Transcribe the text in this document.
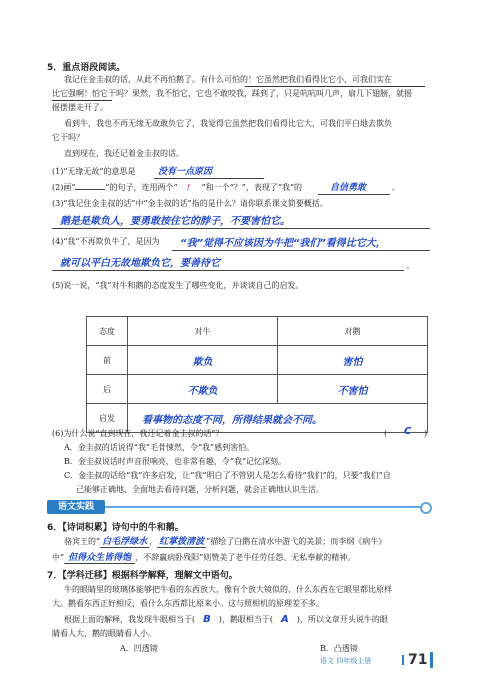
5．重点语段阅读。
我记住金圭叔的话，从此不再怕鹅了。有什么可怕的！它虽然把我们看得比它小，可我们实在
比它强啊！怕它干吗？果然，我不怕它，它也不敢咬我，踩到了，只是吭吭叫几声，扇几下翅膀，就摇
摇摆摆走开了。
看到牛，我也不再无缘无故敢负它了，我觉得它虽然把我们看得比它大，可我们平白地去欺负
它干吗？
直到现在，我还记着金圭叔的话。
(1)“无缘无故”的意思是 没有一点原因
(2)画“	”的句子，连用两个“ ！ ”和一个“？”，表现了“我”的	自信勇敢	。
(3)“我记住金圭叔的话”中“金圭叔的话”指的是什么？请你联系课文简要概括。
鹅是是欺负人，要勇敢按住它的脖子，不要害怕它。
(4)“我”不再欺负牛了，是因为 “我”觉得不应该因为牛把“我们”看得比它大，
就可以平白无故地欺负它，要善待它	。
(5)说一说，“我”对牛和鹅的态度发生了哪些变化，并谈谈自己的启发。
态度	对牛	对鹅
前	欺负	害怕
后	不欺负	不害怕
启发	看事物的态度不同，所得结果就会不同。	
(6)为什么说“直到现在，我还记着金圭叔的话”？	( C )
A．金圭叔的话说得“我”毛骨悚然，令“我”感到害怕。
B．金圭叔说话时声音很响亮，也非常有趣，令“我”记忆深刻。
C．金圭叔的话给“我”许多启发，让“我”明白了不管别人是怎么看待“我们”的，只要“我们”自
己能够正确地、全面地去看待问题，分析问题，就会正确地认识生活。
语文实践
6．【诗词积累】诗句中的牛和鹅。
骆宾王的“ 白毛浮绿水 ， 红掌拨清波 ”描绘了白鹅在清水中游弋的美景；而李纲《病牛》
中“ 但得众生皆得饱 ，不辞羸病卧残阳”则赞美了老牛任劳任怨、无私奉献的精神。
7．【学科迁移】根据科学解释，理解文中语句。
牛的眼睛里的玻璃体能够把牛看的东西放大，像有个放大镜似的，什么东西在它眼里都比原样
大。鹅看东西正好相反，看什么东西都比原来小。这与照相机的原理差不多。
根据上面的解释，我发现牛眼相当于( B )，鹅眼相当于( A )，所以文章开头说牛的眼
睛看人大，鹅的眼睛看人小。
A．凹透镜	B．凸透镜
语文 四年级上册	71
